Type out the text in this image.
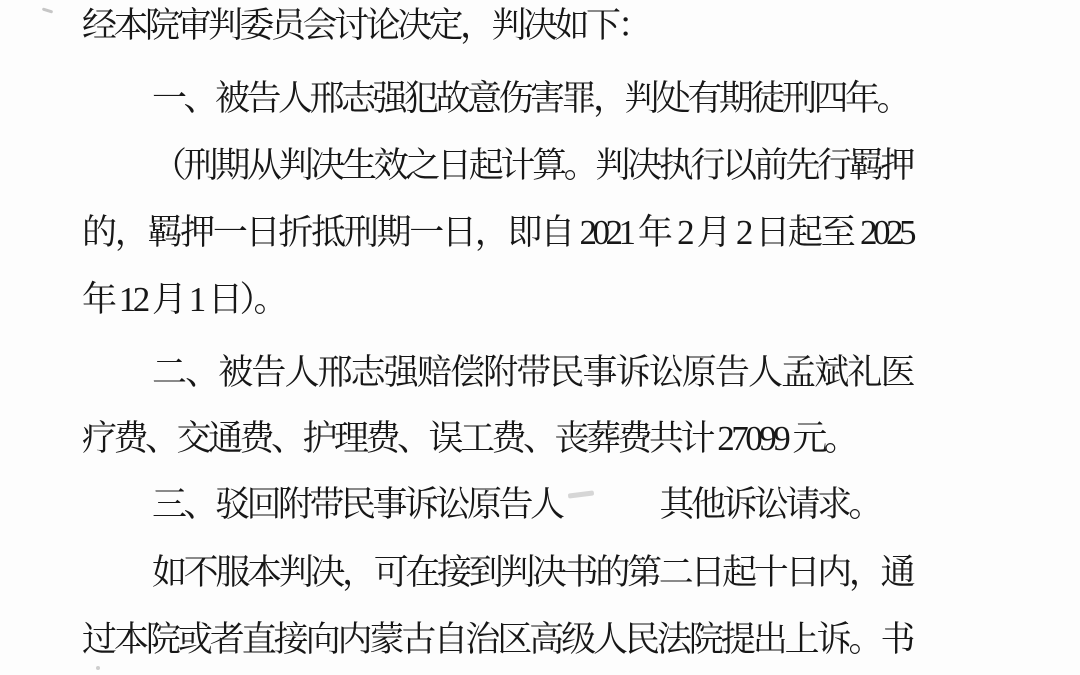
经本院审判委员会讨论决定，判决如下：
一、被告人邢志强犯故意伤害罪，判处有期徒刑四年。
（刑期从判决生效之日起计算。判决执行以前先行羁押
的，羁押一日折抵刑期一日，即自 2021 年 2 月 2 日起至 2025
年 12 月 1 日）。
二、被告人邢志强赔偿附带民事诉讼原告人孟斌礼医
疗费、交通费、护理费、误工费、丧葬费共计 27099 元。
三、驳回附带民事诉讼原告人	其他诉讼请求。
如不服本判决，可在接到判决书的第二日起十日内，通
过本院或者直接向内蒙古自治区高级人民法院提出上诉。书
